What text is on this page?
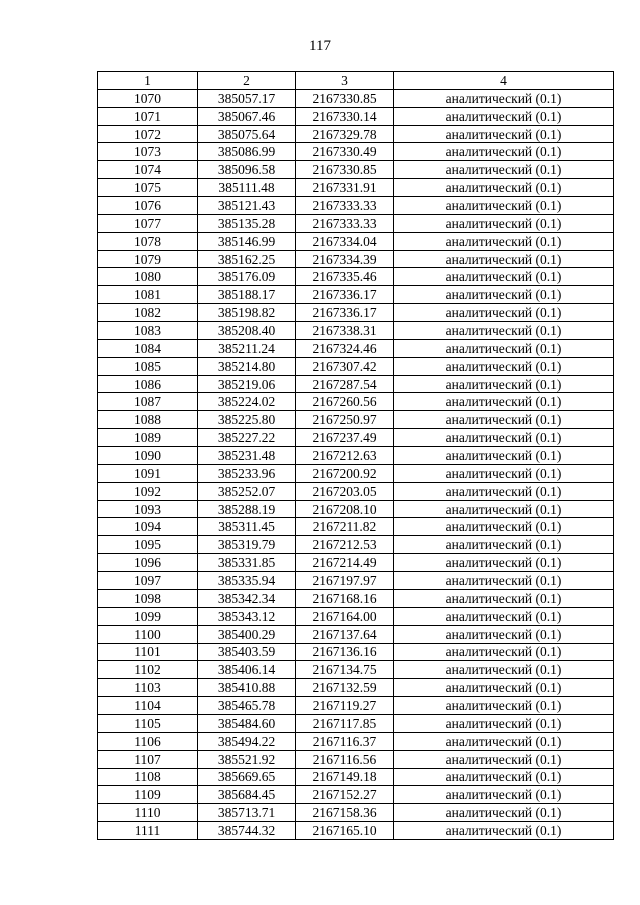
117
1	2	3	4
1070	385057.17	2167330.85	аналитический (0.1)
1071	385067.46	2167330.14	аналитический (0.1)
1072	385075.64	2167329.78	аналитический (0.1)
1073	385086.99	2167330.49	аналитический (0.1)
1074	385096.58	2167330.85	аналитический (0.1)
1075	385111.48	2167331.91	аналитический (0.1)
1076	385121.43	2167333.33	аналитический (0.1)
1077	385135.28	2167333.33	аналитический (0.1)
1078	385146.99	2167334.04	аналитический (0.1)
1079	385162.25	2167334.39	аналитический (0.1)
1080	385176.09	2167335.46	аналитический (0.1)
1081	385188.17	2167336.17	аналитический (0.1)
1082	385198.82	2167336.17	аналитический (0.1)
1083	385208.40	2167338.31	аналитический (0.1)
1084	385211.24	2167324.46	аналитический (0.1)
1085	385214.80	2167307.42	аналитический (0.1)
1086	385219.06	2167287.54	аналитический (0.1)
1087	385224.02	2167260.56	аналитический (0.1)
1088	385225.80	2167250.97	аналитический (0.1)
1089	385227.22	2167237.49	аналитический (0.1)
1090	385231.48	2167212.63	аналитический (0.1)
1091	385233.96	2167200.92	аналитический (0.1)
1092	385252.07	2167203.05	аналитический (0.1)
1093	385288.19	2167208.10	аналитический (0.1)
1094	385311.45	2167211.82	аналитический (0.1)
1095	385319.79	2167212.53	аналитический (0.1)
1096	385331.85	2167214.49	аналитический (0.1)
1097	385335.94	2167197.97	аналитический (0.1)
1098	385342.34	2167168.16	аналитический (0.1)
1099	385343.12	2167164.00	аналитический (0.1)
1100	385400.29	2167137.64	аналитический (0.1)
1101	385403.59	2167136.16	аналитический (0.1)
1102	385406.14	2167134.75	аналитический (0.1)
1103	385410.88	2167132.59	аналитический (0.1)
1104	385465.78	2167119.27	аналитический (0.1)
1105	385484.60	2167117.85	аналитический (0.1)
1106	385494.22	2167116.37	аналитический (0.1)
1107	385521.92	2167116.56	аналитический (0.1)
1108	385669.65	2167149.18	аналитический (0.1)
1109	385684.45	2167152.27	аналитический (0.1)
1110	385713.71	2167158.36	аналитический (0.1)
1111	385744.32	2167165.10	аналитический (0.1)
